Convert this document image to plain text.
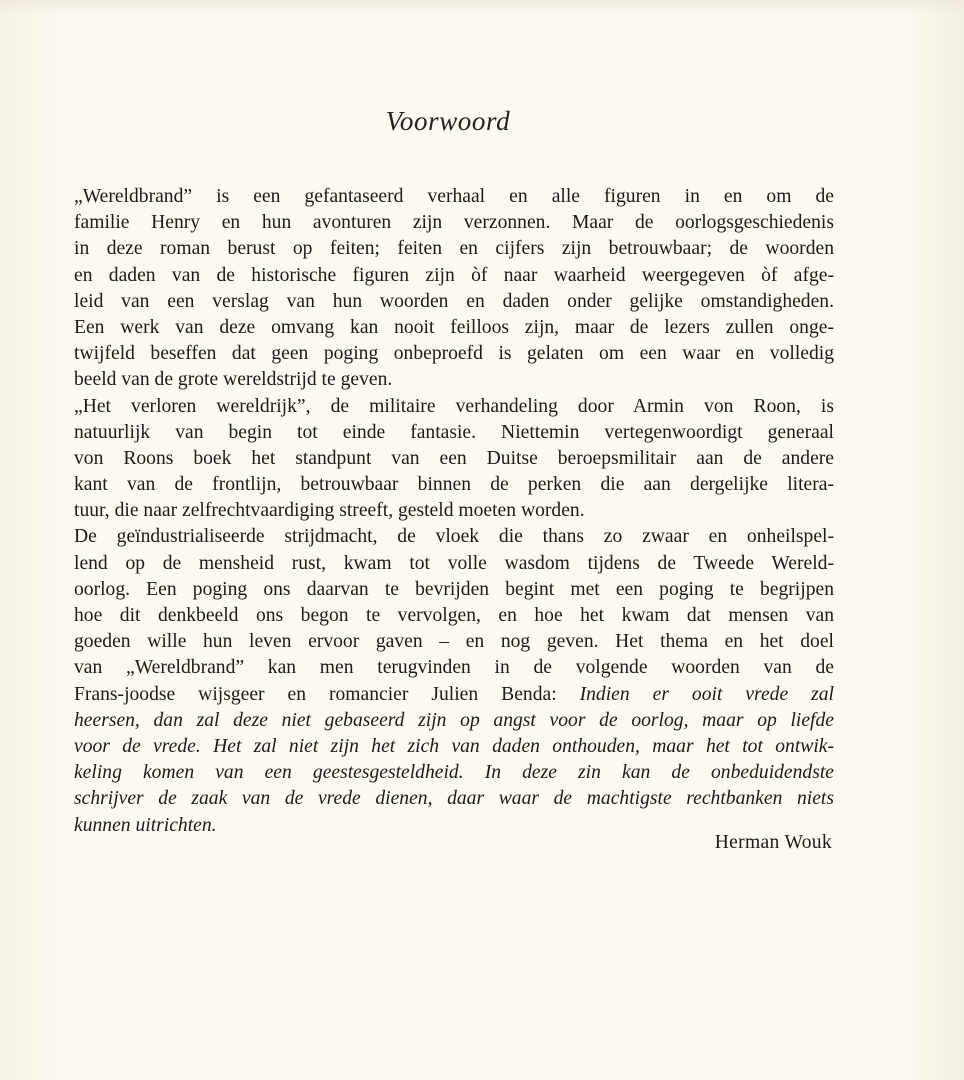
Voorwoord
„Wereldbrand” is een gefantaseerd verhaal en alle figuren in en om de
familie Henry en hun avonturen zijn verzonnen. Maar de oorlogsgeschiedenis
in deze roman berust op feiten; feiten en cijfers zijn betrouwbaar; de woorden
en daden van de historische figuren zijn òf naar waarheid weergegeven òf afge-
leid van een verslag van hun woorden en daden onder gelijke omstandigheden.
Een werk van deze omvang kan nooit feilloos zijn, maar de lezers zullen onge-
twijfeld beseffen dat geen poging onbeproefd is gelaten om een waar en volledig
beeld van de grote wereldstrijd te geven.
„Het verloren wereldrijk”, de militaire verhandeling door Armin von Roon, is
natuurlijk van begin tot einde fantasie. Niettemin vertegenwoordigt generaal
von Roons boek het standpunt van een Duitse beroepsmilitair aan de andere
kant van de frontlijn, betrouwbaar binnen de perken die aan dergelijke litera-
tuur, die naar zelfrechtvaardiging streeft, gesteld moeten worden.
De geïndustrialiseerde strijdmacht, de vloek die thans zo zwaar en onheilspel-
lend op de mensheid rust, kwam tot volle wasdom tijdens de Tweede Wereld-
oorlog. Een poging ons daarvan te bevrijden begint met een poging te begrijpen
hoe dit denkbeeld ons begon te vervolgen, en hoe het kwam dat mensen van
goeden wille hun leven ervoor gaven – en nog geven. Het thema en het doel
van „Wereldbrand” kan men terugvinden in de volgende woorden van de
Frans-joodse wijsgeer en romancier Julien Benda: Indien er ooit vrede zal
heersen, dan zal deze niet gebaseerd zijn op angst voor de oorlog, maar op liefde
voor de vrede. Het zal niet zijn het zich van daden onthouden, maar het tot ontwik-
keling komen van een geestesgesteldheid. In deze zin kan de onbeduidendste
schrijver de zaak van de vrede dienen, daar waar de machtigste rechtbanken niets
kunnen uitrichten.
Herman Wouk
